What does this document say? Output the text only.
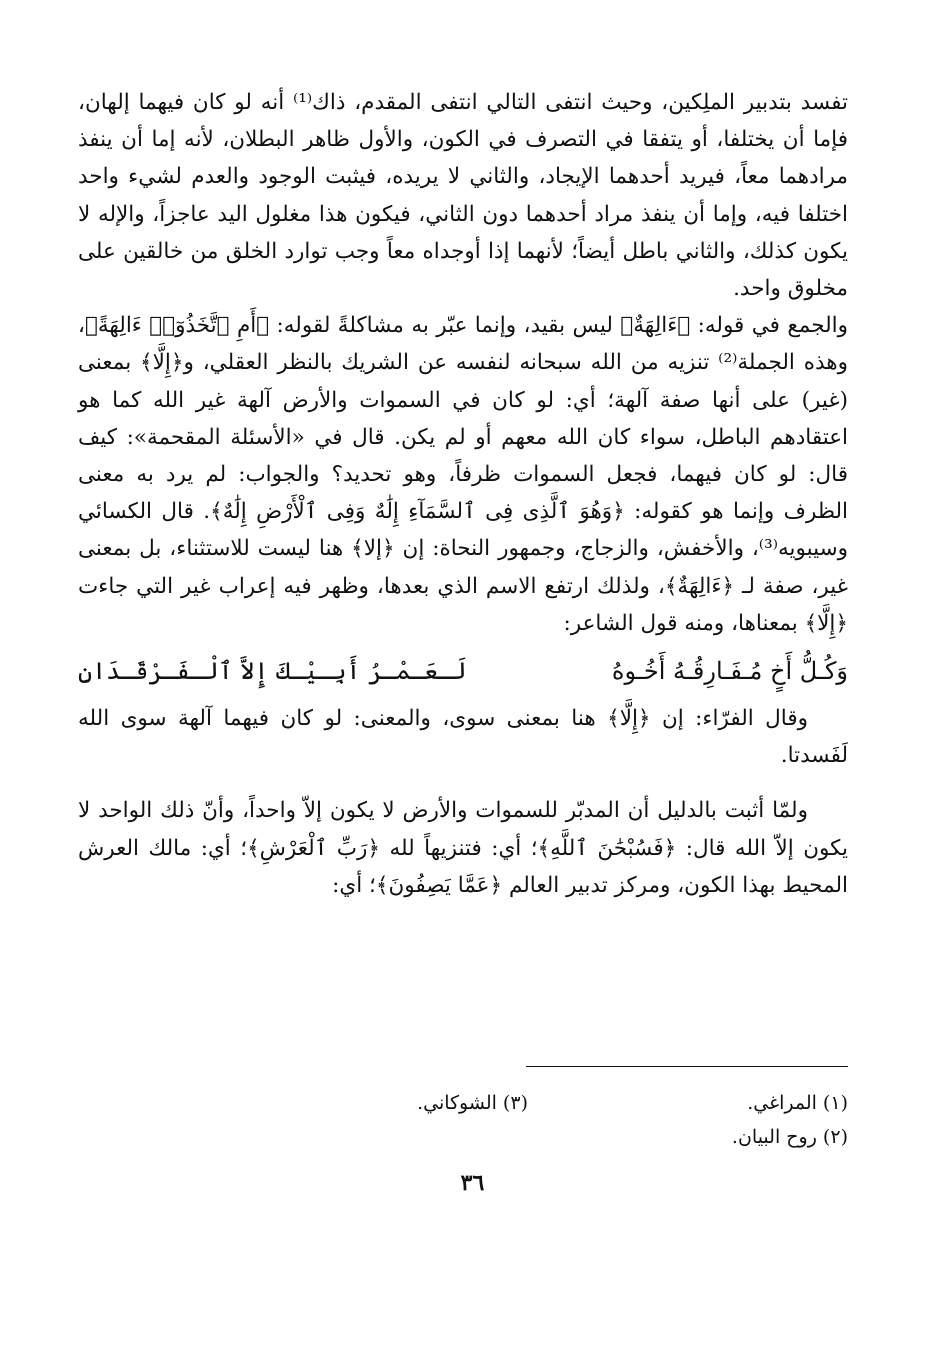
تفسد بتدبير الملِكين، وحيث انتفى التالي انتفى المقدم، ذاك⁽¹⁾ أنه لو كان فيهما إلهان، فإما أن يختلفا، أو يتفقا في التصرف في الكون، والأول ظاهر البطلان، لأنه إما أن ينفذ مرادهما معاً، فيريد أحدهما الإيجاد، والثاني لا يريده، فيثبت الوجود والعدم لشيء واحد اختلفا فيه، وإما أن ينفذ مراد أحدهما دون الثاني، فيكون هذا مغلول اليد عاجزاً، والإله لا يكون كذلك، والثاني باطل أيضاً؛ لأنهما إذا أوجداه معاً وجب توارد الخلق من خالقين على مخلوق واحد.

والجمع في قوله: ﴿ءَالِهَةٌ﴾ ليس بقيد، وإنما عبّر به مشاكلةً لقوله: ﴿أَمِ ٱتَّخَذُوٓا۟ ءَالِهَةً﴾، وهذه الجملة⁽²⁾ تنزيه من الله سبحانه لنفسه عن الشريك بالنظر العقلي، و﴿إِلَّا﴾ بمعنى (غير) على أنها صفة آلهة؛ أي: لو كان في السموات والأرض آلهة غير الله كما هو اعتقادهم الباطل، سواء كان الله معهم أو لم يكن. قال في «الأسئلة المقحمة»: كيف قال: لو كان فيهما، فجعل السموات ظرفاً، وهو تحديد؟ والجواب: لم يرد به معنى الظرف وإنما هو كقوله: ﴿وَهُوَ ٱلَّذِى فِى ٱلسَّمَآءِ إِلَٰهٌ وَفِى ٱلْأَرْضِ إِلَٰهٌ﴾. قال الكسائي وسيبويه⁽³⁾، والأخفش، والزجاج، وجمهور النحاة: إن ﴿إلا﴾ هنا ليست للاستثناء، بل بمعنى غير، صفة لـ ﴿ءَالِهَةٌ﴾، ولذلك ارتفع الاسم الذي بعدها، وظهر فيه إعراب غير التي جاءت ﴿إِلَّا﴾ بمعناها، ومنه قول الشاعر:

وَكُـلُّ أَخٍ مُـفَـارِقُـهُ أَخُـوهُ
لَـعَـمْـرُ أَبِـيْـكَ إِلاَّ ٱلْـفَـرْقَـدَانِ

وقال الفرّاء: إن ﴿إِلَّا﴾ هنا بمعنى سوى، والمعنى: لو كان فيهما آلهة سوى الله لَفَسدتا.

ولمّا أثبت بالدليل أن المدبّر للسموات والأرض لا يكون إلاّ واحداً، وأنّ ذلك الواحد لا يكون إلاّ الله قال: ﴿فَسُبْحَٰنَ ٱللَّهِ﴾؛ أي: فتنزيهاً لله ﴿رَبِّ ٱلْعَرْشِ﴾؛ أي: مالك العرش المحيط بهذا الكون، ومركز تدبير العالم ﴿عَمَّا يَصِفُونَ﴾؛ أي:

(١) المراغي.
(٣) الشوكاني.
(٢) روح البيان.
٣٦
